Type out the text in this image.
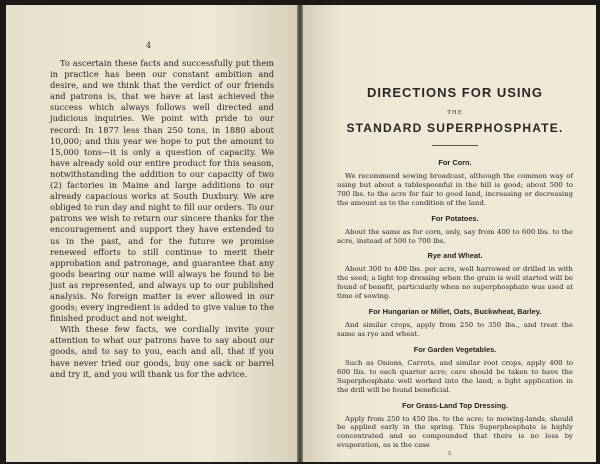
4

To ascertain these facts and successfully put them in practice has been our constant ambition and desire, and we think that the verdict of our friends and patrons is, that we have at last achieved the success which always follows well directed and judicious inquiries. We point with pride to our record: In 1877 less than 250 tons, in 1880 about 10,000; and this year we hope to put the amount to 15,000 tons—it is only a question of capacity. We have already sold our entire product for this season, notwithstanding the addition to our capacity of two (2) factories in Maine and large additions to our already capacious works at South Duxbury. We are obliged to run day and night to fill our orders. To our patrons we wish to return our sincere thanks for the encouragement and support they have extended to us in the past, and for the future we promise renewed efforts to still continue to merit their approbation and patronage, and guarantee that any goods bearing our name will always be found to be just as represented, and always up to our published analysis. No foreign matter is ever allowed in our goods; every ingredient is added to give value to the finished product and not weight.

With these few facts, we cordially invite your attention to what our patrons have to say about our goods, and to say to you, each and all, that if you have never tried our goods, buy one sack or barrel and try it, and you will thank us for the advice.

DIRECTIONS FOR USING
THE
STANDARD SUPERPHOSPHATE.
For Corn.

We recommend sowing broadcast, although the common way of using but about a tablespoonful in the hill is good; about 500 to 700 lbs. to the acre for fair to good land, increasing or decreasing the amount as to the condition of the land.

For Potatoes.

About the same as for corn, only, say from 400 to 600 lbs. to the acre, instead of 500 to 700 lbs.

Rye and Wheat.

About 300 to 400 lbs. per acre, well harrowed or drilled in with the seed; a light top dressing when the grain is well started will be found of benefit, particularly when no superphosphate was used at time of sowing.

For Hungarian or Millet, Oats, Buckwheat, Barley.

And similar crops, apply from 250 to 350 lbs., and treat the same as rye and wheat.

For Garden Vegetables.

Such as Onions, Carrots, and similar root crops, apply 400 to 600 lbs. to each quarter acre; care should be taken to have the Superphosphate well worked into the land; a light application in the drill will be found beneficial.

For Grass-Land Top Dressing.

Apply from 250 to 450 lbs. to the acre; to mowing-lands, should be applied early in the spring. This Superphosphate is highly concentrated and so compounded that there is no loss by evaporation, as is the case

5
